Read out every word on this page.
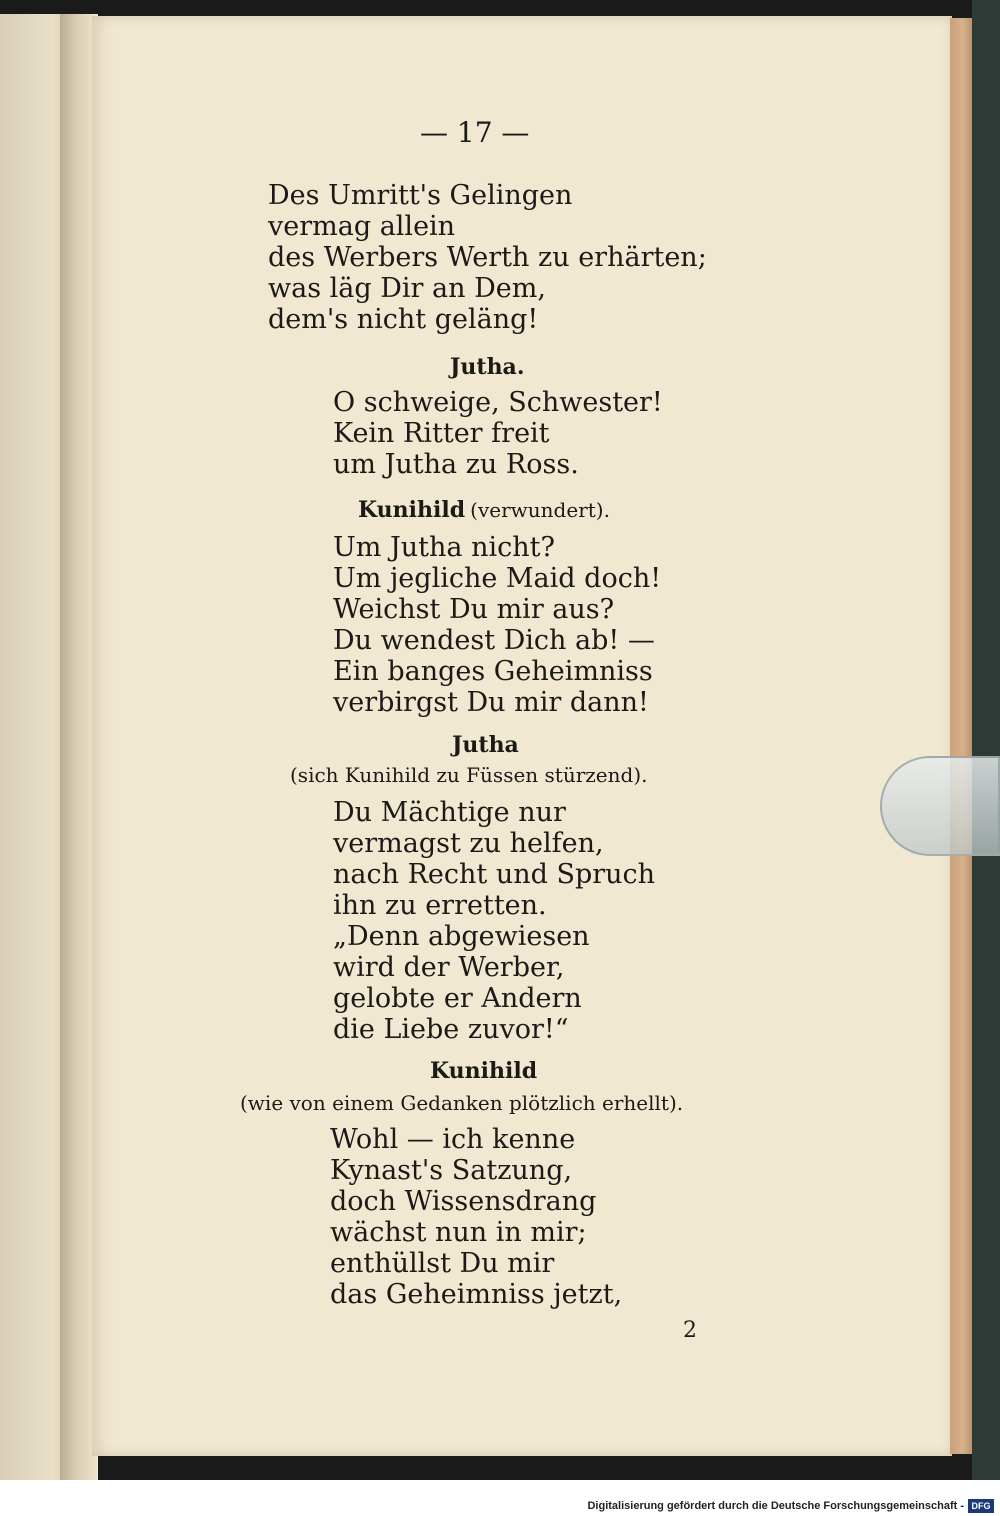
— 17 —
Des Umritt's Gelingen
vermag allein
des Werbers Werth zu erhärten;
was läg Dir an Dem,
dem's nicht geläng!
Jutha.
O schweige, Schwester!
Kein Ritter freit
um Jutha zu Ross.
Kunihild (verwundert).
Um Jutha nicht?
Um jegliche Maid doch!
Weichst Du mir aus?
Du wendest Dich ab! —
Ein banges Geheimniss
verbirgst Du mir dann!
Jutha
(sich Kunihild zu Füssen stürzend).
Du Mächtige nur
vermagst zu helfen,
nach Recht und Spruch
ihn zu erretten.
„Denn abgewiesen
wird der Werber,
gelobte er Andern
die Liebe zuvor!“
Kunihild
(wie von einem Gedanken plötzlich erhellt).
Wohl — ich kenne
Kynast's Satzung,
doch Wissensdrang
wächst nun in mir;
enthüllst Du mir
das Geheimniss jetzt,
2
Digitalisierung gefördert durch die Deutsche Forschungsgemeinschaft - DFG
